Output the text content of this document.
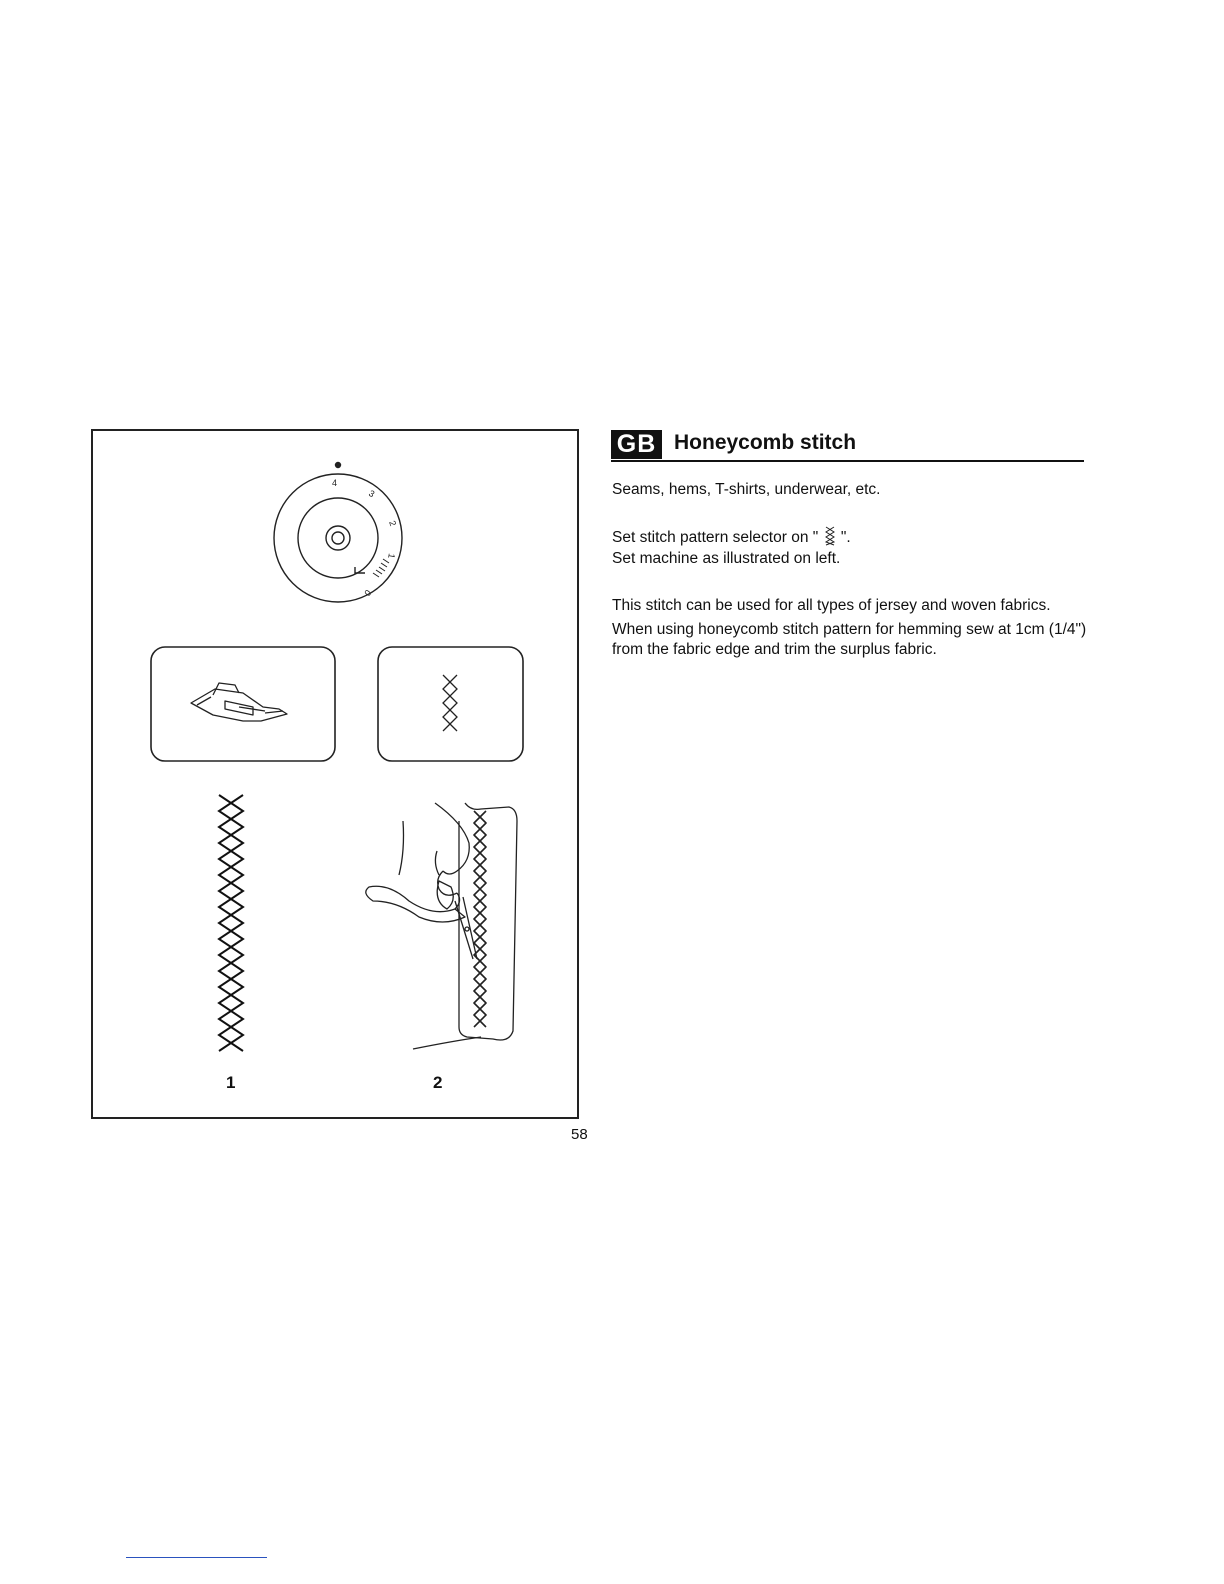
4
3
2
1
0
1	2
58
GB Honeycomb stitch
Seams, hems, T-shirts, underwear, etc.
Set stitch pattern selector on " ".
Set machine as illustrated on left.
This stitch can be used for all types of jersey and woven fabrics.
When using honeycomb stitch pattern for hemming sew at 1cm (1/4") from the fabric edge and trim the surplus fabric.
